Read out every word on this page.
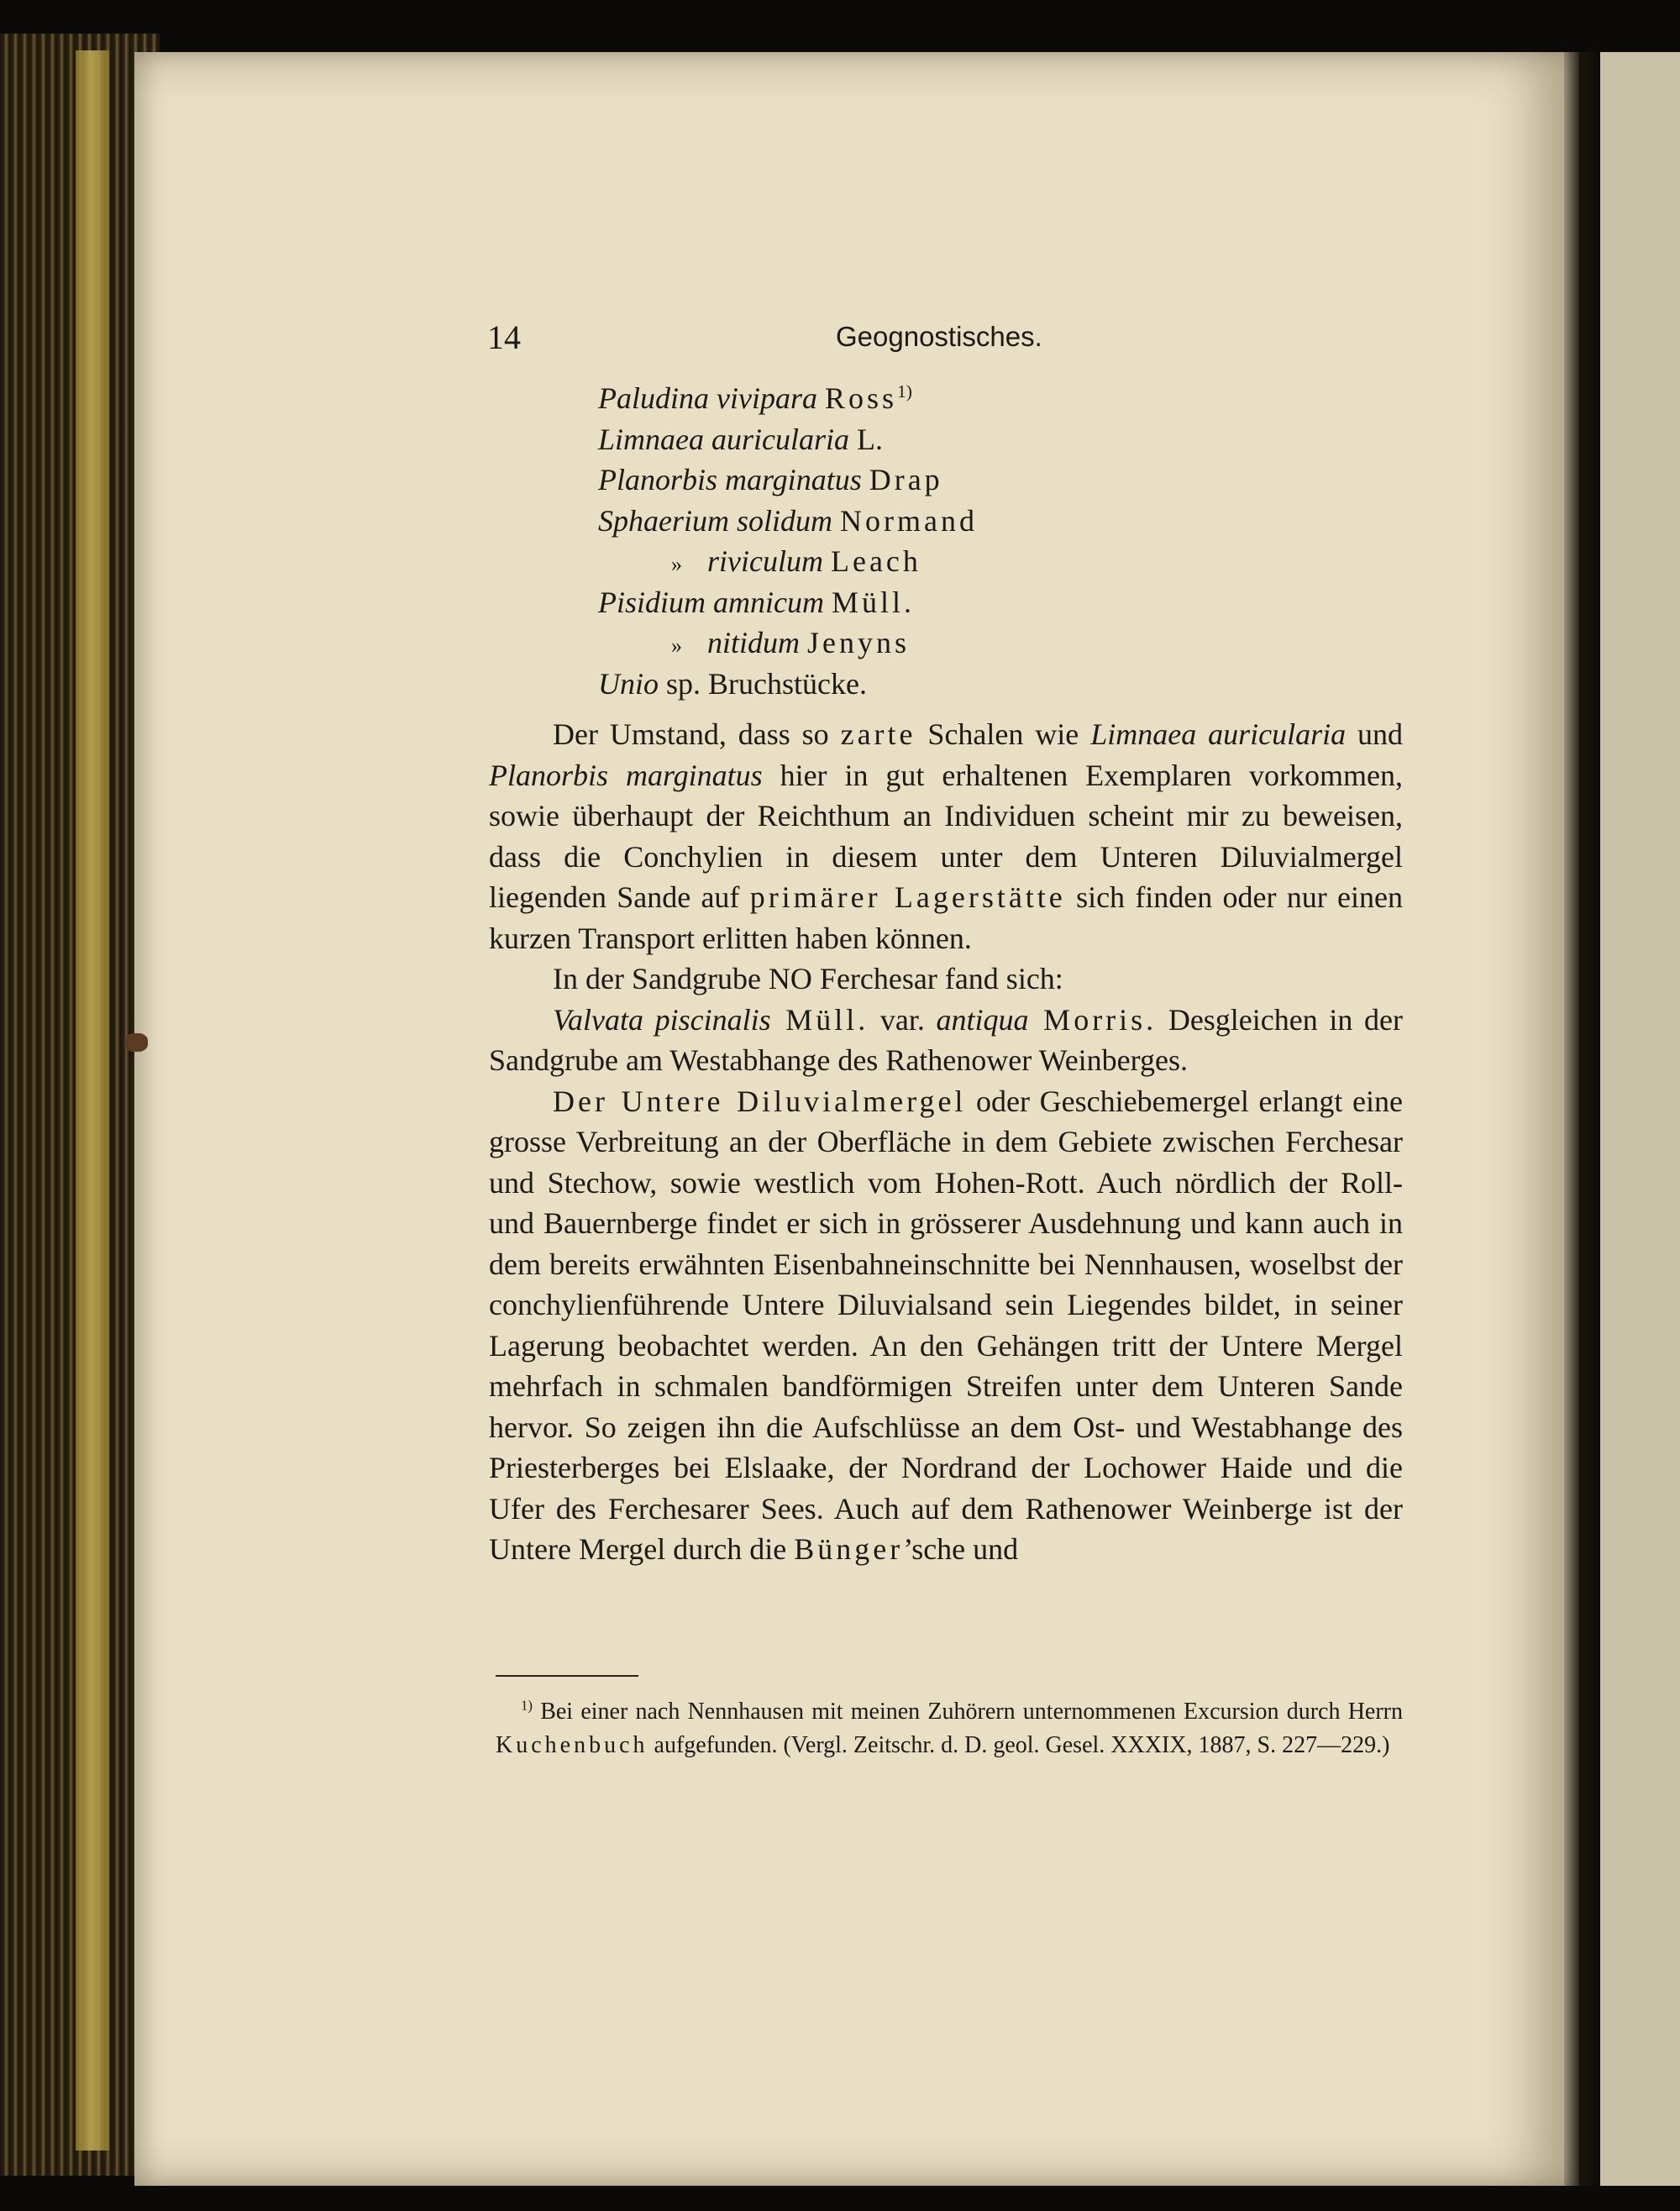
14	Geognostisches.
Paludina vivipara Ross$^{1)}$
Limnaea auricularia L.
Planorbis marginatus Drap
Sphaerium solidum Normand
» riviculum Leach
Pisidium amnicum Müll.
» nitidum Jenyns
Unio sp. Bruchstücke.

Der Umstand, dass so zarte Schalen wie Limnaea auricularia und Planorbis marginatus hier in gut erhaltenen Exemplaren vorkommen, sowie überhaupt der Reichthum an Individuen scheint mir zu beweisen, dass die Conchylien in diesem unter dem Unteren Diluvialmergel liegenden Sande auf primärer Lagerstätte sich finden oder nur einen kurzen Transport erlitten haben können.

In der Sandgrube NO Ferchesar fand sich:

Valvata piscinalis Müll. var. antiqua Morris. Desgleichen in der Sandgrube am Westabhange des Rathenower Weinberges.

Der Untere Diluvialmergel oder Geschiebemergel erlangt eine grosse Verbreitung an der Oberfläche in dem Gebiete zwischen Ferchesar und Stechow, sowie westlich vom Hohen-Rott. Auch nördlich der Roll- und Bauernberge findet er sich in grösserer Ausdehnung und kann auch in dem bereits erwähnten Eisenbahneinschnitte bei Nennhausen, woselbst der conchylienführende Untere Diluvialsand sein Liegendes bildet, in seiner Lagerung beobachtet werden. An den Gehängen tritt der Untere Mergel mehrfach in schmalen bandförmigen Streifen unter dem Unteren Sande hervor. So zeigen ihn die Aufschlüsse an dem Ost- und Westabhange des Priesterberges bei Elslaake, der Nordrand der Lochower Haide und die Ufer des Ferchesarer Sees. Auch auf dem Rathenower Weinberge ist der Untere Mergel durch die Bünger’sche und

$^{1)}$ Bei einer nach Nennhausen mit meinen Zuhörern unternommenen Excursion durch Herrn Kuchenbuch aufgefunden. (Vergl. Zeitschr. d. D. geol. Gesel. XXXIX, 1887, S. 227—229.)
